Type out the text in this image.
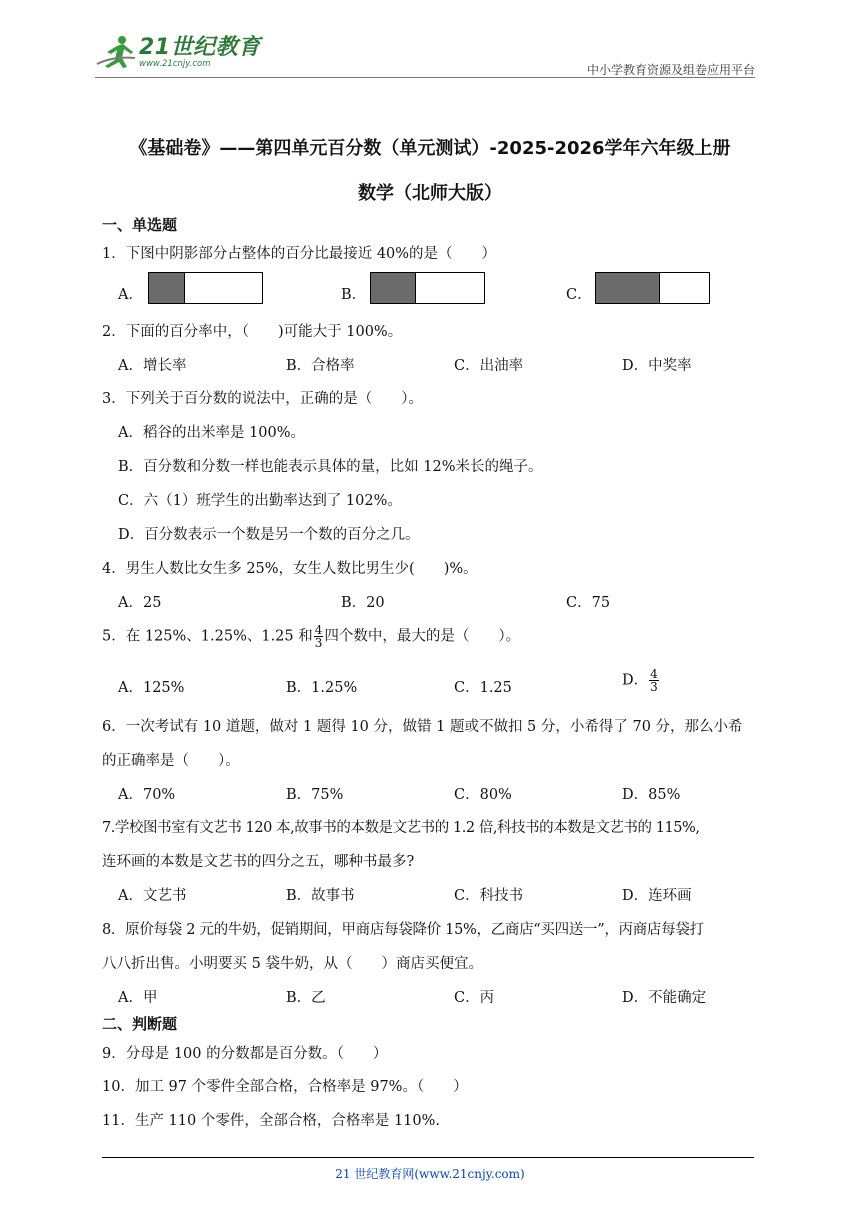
21世纪教育
www.21cnjy.com	中小学教育资源及组卷应用平台
《基础卷》——第四单元百分数（单元测试）-2025-2026学年六年级上册
数学（北师大版）
一、单选题
1．下图中阴影部分占整体的百分比最接近 40%的是（　　）
A．	B．	C．
2．下面的百分率中，（　　)可能大于 100%。
A．增长率	B．合格率	C．出油率	D．中奖率
3．下列关于百分数的说法中，正确的是（　　）。
A．稻谷的出米率是 100%。
B．百分数和分数一样也能表示具体的量，比如 12%米长的绳子。
C．六（1）班学生的出勤率达到了 102%。
D．百分数表示一个数是另一个数的百分之几。
4．男生人数比女生多 25%，女生人数比男生少(　　)%。
A．25	B．20	C．75
5．在 125%、1.25%、1.25 和 $\frac{4}{3}$ 四个数中，最大的是（　　）。
A．125%	B．1.25%	C．1.25	D． $\frac{4}{3}$
6．一次考试有 10 道题，做对 1 题得 10 分，做错 1 题或不做扣 5 分，小希得了 70 分，那么小希
的正确率是（　　）。
A．70%	B．75%	C．80%	D．85%
7.学校图书室有文艺书 120 本,故事书的本数是文艺书的 1.2 倍,科技书的本数是文艺书的 115%,
连环画的本数是文艺书的四分之五，哪种书最多?
A．文艺书	B．故事书	C．科技书	D．连环画
8．原价每袋 2 元的牛奶，促销期间，甲商店每袋降价 15%，乙商店“买四送一”，丙商店每袋打
八八折出售。小明要买 5 袋牛奶，从（　　）商店买便宜。
A．甲	B．乙	C．丙	D．不能确定
二、判断题
9．分母是 100 的分数都是百分数。（　　）
10．加工 97 个零件全部合格，合格率是 97%。（　　）
11．生产 110 个零件，全部合格，合格率是 110%.
21 世纪教育网(www.21cnjy.com)
